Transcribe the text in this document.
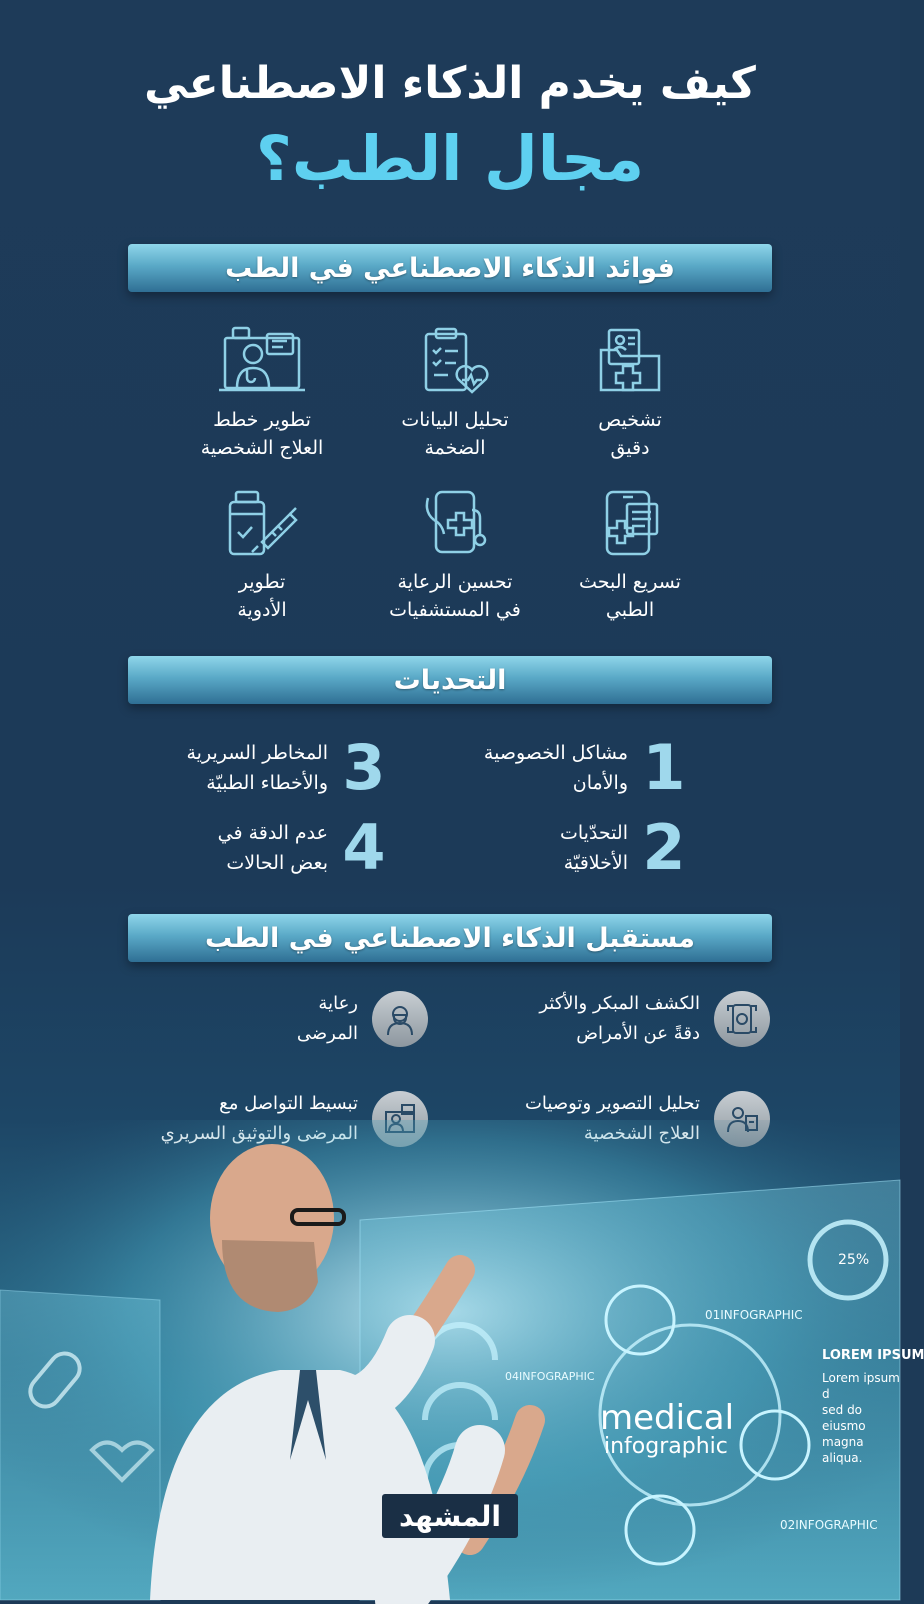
كيف يخدم الذكاء الاصطناعي
مجال الطب؟
فوائد الذكاء الاصطناعي في الطب
تشخيص
دقيق
تحليل البيانات
الضخمة
تطوير خطط
العلاج الشخصية
تسريع البحث
الطبي
تحسين الرعاية
في المستشفيات
تطوير
الأدوية
التحديات
1
مشاكل الخصوصية
والأمان
3
المخاطر السريرية
والأخطاء الطبيّة
2
التحدّيات
الأخلاقيّة
4
عدم الدقة في
بعض الحالات
مستقبل الذكاء الاصطناعي في الطب
الكشف المبكر والأكثر
دقةً عن الأمراض
رعاية
المرضى
تحليل التصوير وتوصيات

تبسيط التواصل مع

medical
infographic
01INFOGRAPHIC
02INFOGRAPHIC
04INFOGRAPHIC
25%
LOREM IPSUM
Lorem ipsum d
sed do eiusmo
magna aliqua.
المشهد
